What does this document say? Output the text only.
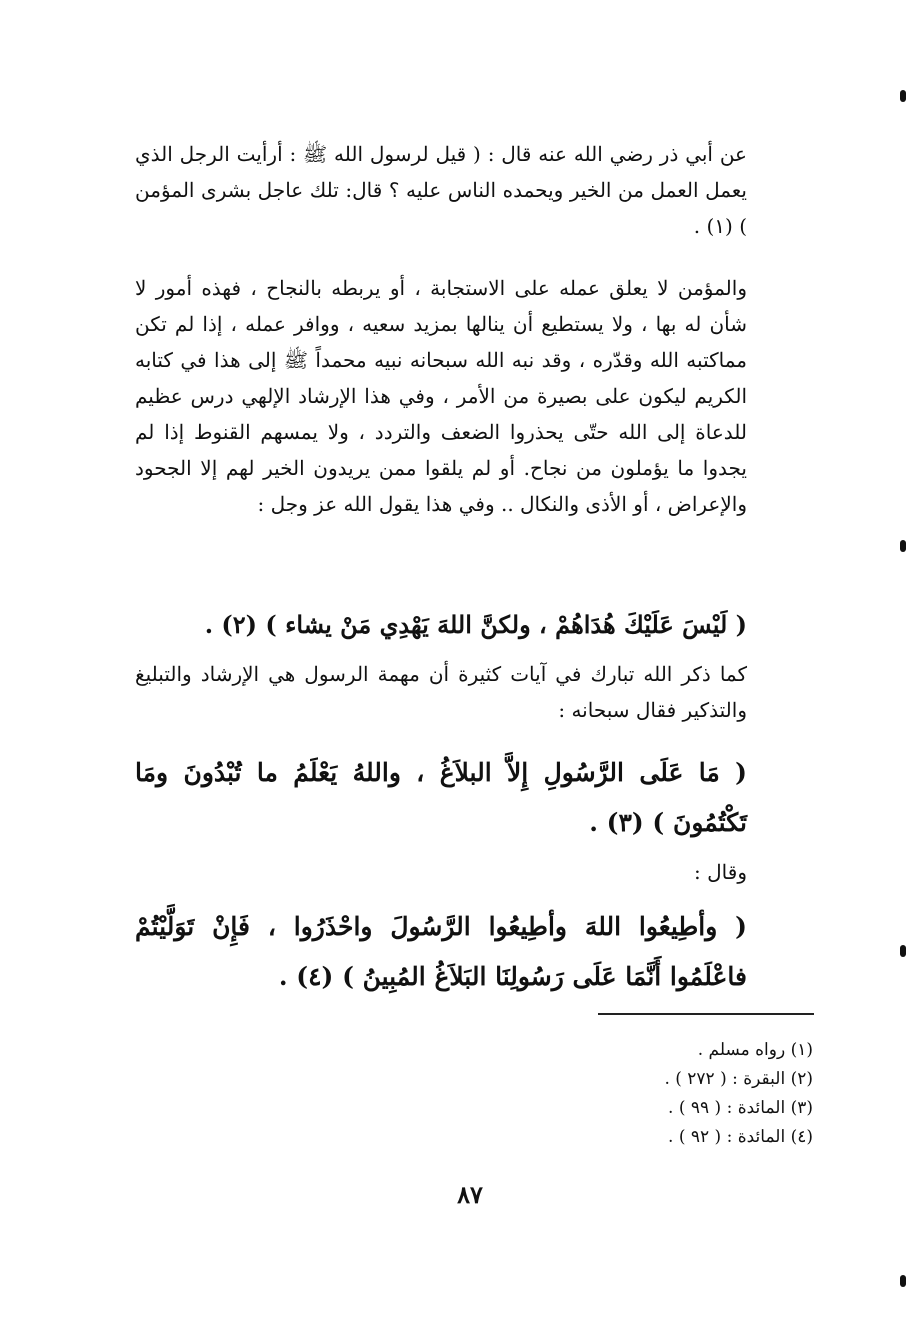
عن أبي ذر رضي الله عنه قال : ( قيل لرسول الله ﷺ : أرأيت الرجل الذي يعمل العمل من الخير ويحمده الناس عليه ؟ قال: تلك عاجل بشرى المؤمن ) (١) .

والمؤمن لا يعلق عمله على الاستجابة ، أو يربطه بالنجاح ، فهذه أمور لا شأن له بها ، ولا يستطيع أن ينالها بمزيد سعيه ، ووافر عمله ، إذا لم تكن مماكتبه الله وقدّره ، وقد نبه الله سبحانه نبيه محمداً ﷺ إلى هذا في كتابه الكريم ليكون على بصيرة من الأمر ، وفي هذا الإرشاد الإلهي درس عظيم للدعاة إلى الله حتّى يحذروا الضعف والتردد ، ولا يمسهم القنوط إذا لم يجدوا ما يؤملون من نجاح. أو لم يلقوا ممن يريدون الخير لهم إلا الجحود والإعراض ، أو الأذى والنكال .. وفي هذا يقول الله عز وجل :

( لَيْسَ عَلَيْكَ هُدَاهُمْ ، ولكنَّ اللهَ يَهْدِي مَنْ يشاء ) (٢) .

كما ذكر الله تبارك في آيات كثيرة أن مهمة الرسول هي الإرشاد والتبليغ والتذكير فقال سبحانه :

( مَا عَلَى الرَّسُولِ إِلاَّ البلاَغُ ، واللهُ يَعْلَمُ ما تُبْدُونَ ومَا تَكْتُمُونَ ) (٣) .

وقال :

( وأطِيعُوا اللهَ وأطِيعُوا الرَّسُولَ واحْذَرُوا ، فَإِنْ تَوَلَّيْتُمْ فاعْلَمُوا أَنَّمَا عَلَى رَسُولِنَا البَلاَغُ المُبِينُ ) (٤) .

(١) رواه مسلم .
(٢) البقرة : ( ٢٧٢ ) .
(٣) المائدة : ( ٩٩ ) .
(٤) المائدة : ( ٩٢ ) .
٨٧
